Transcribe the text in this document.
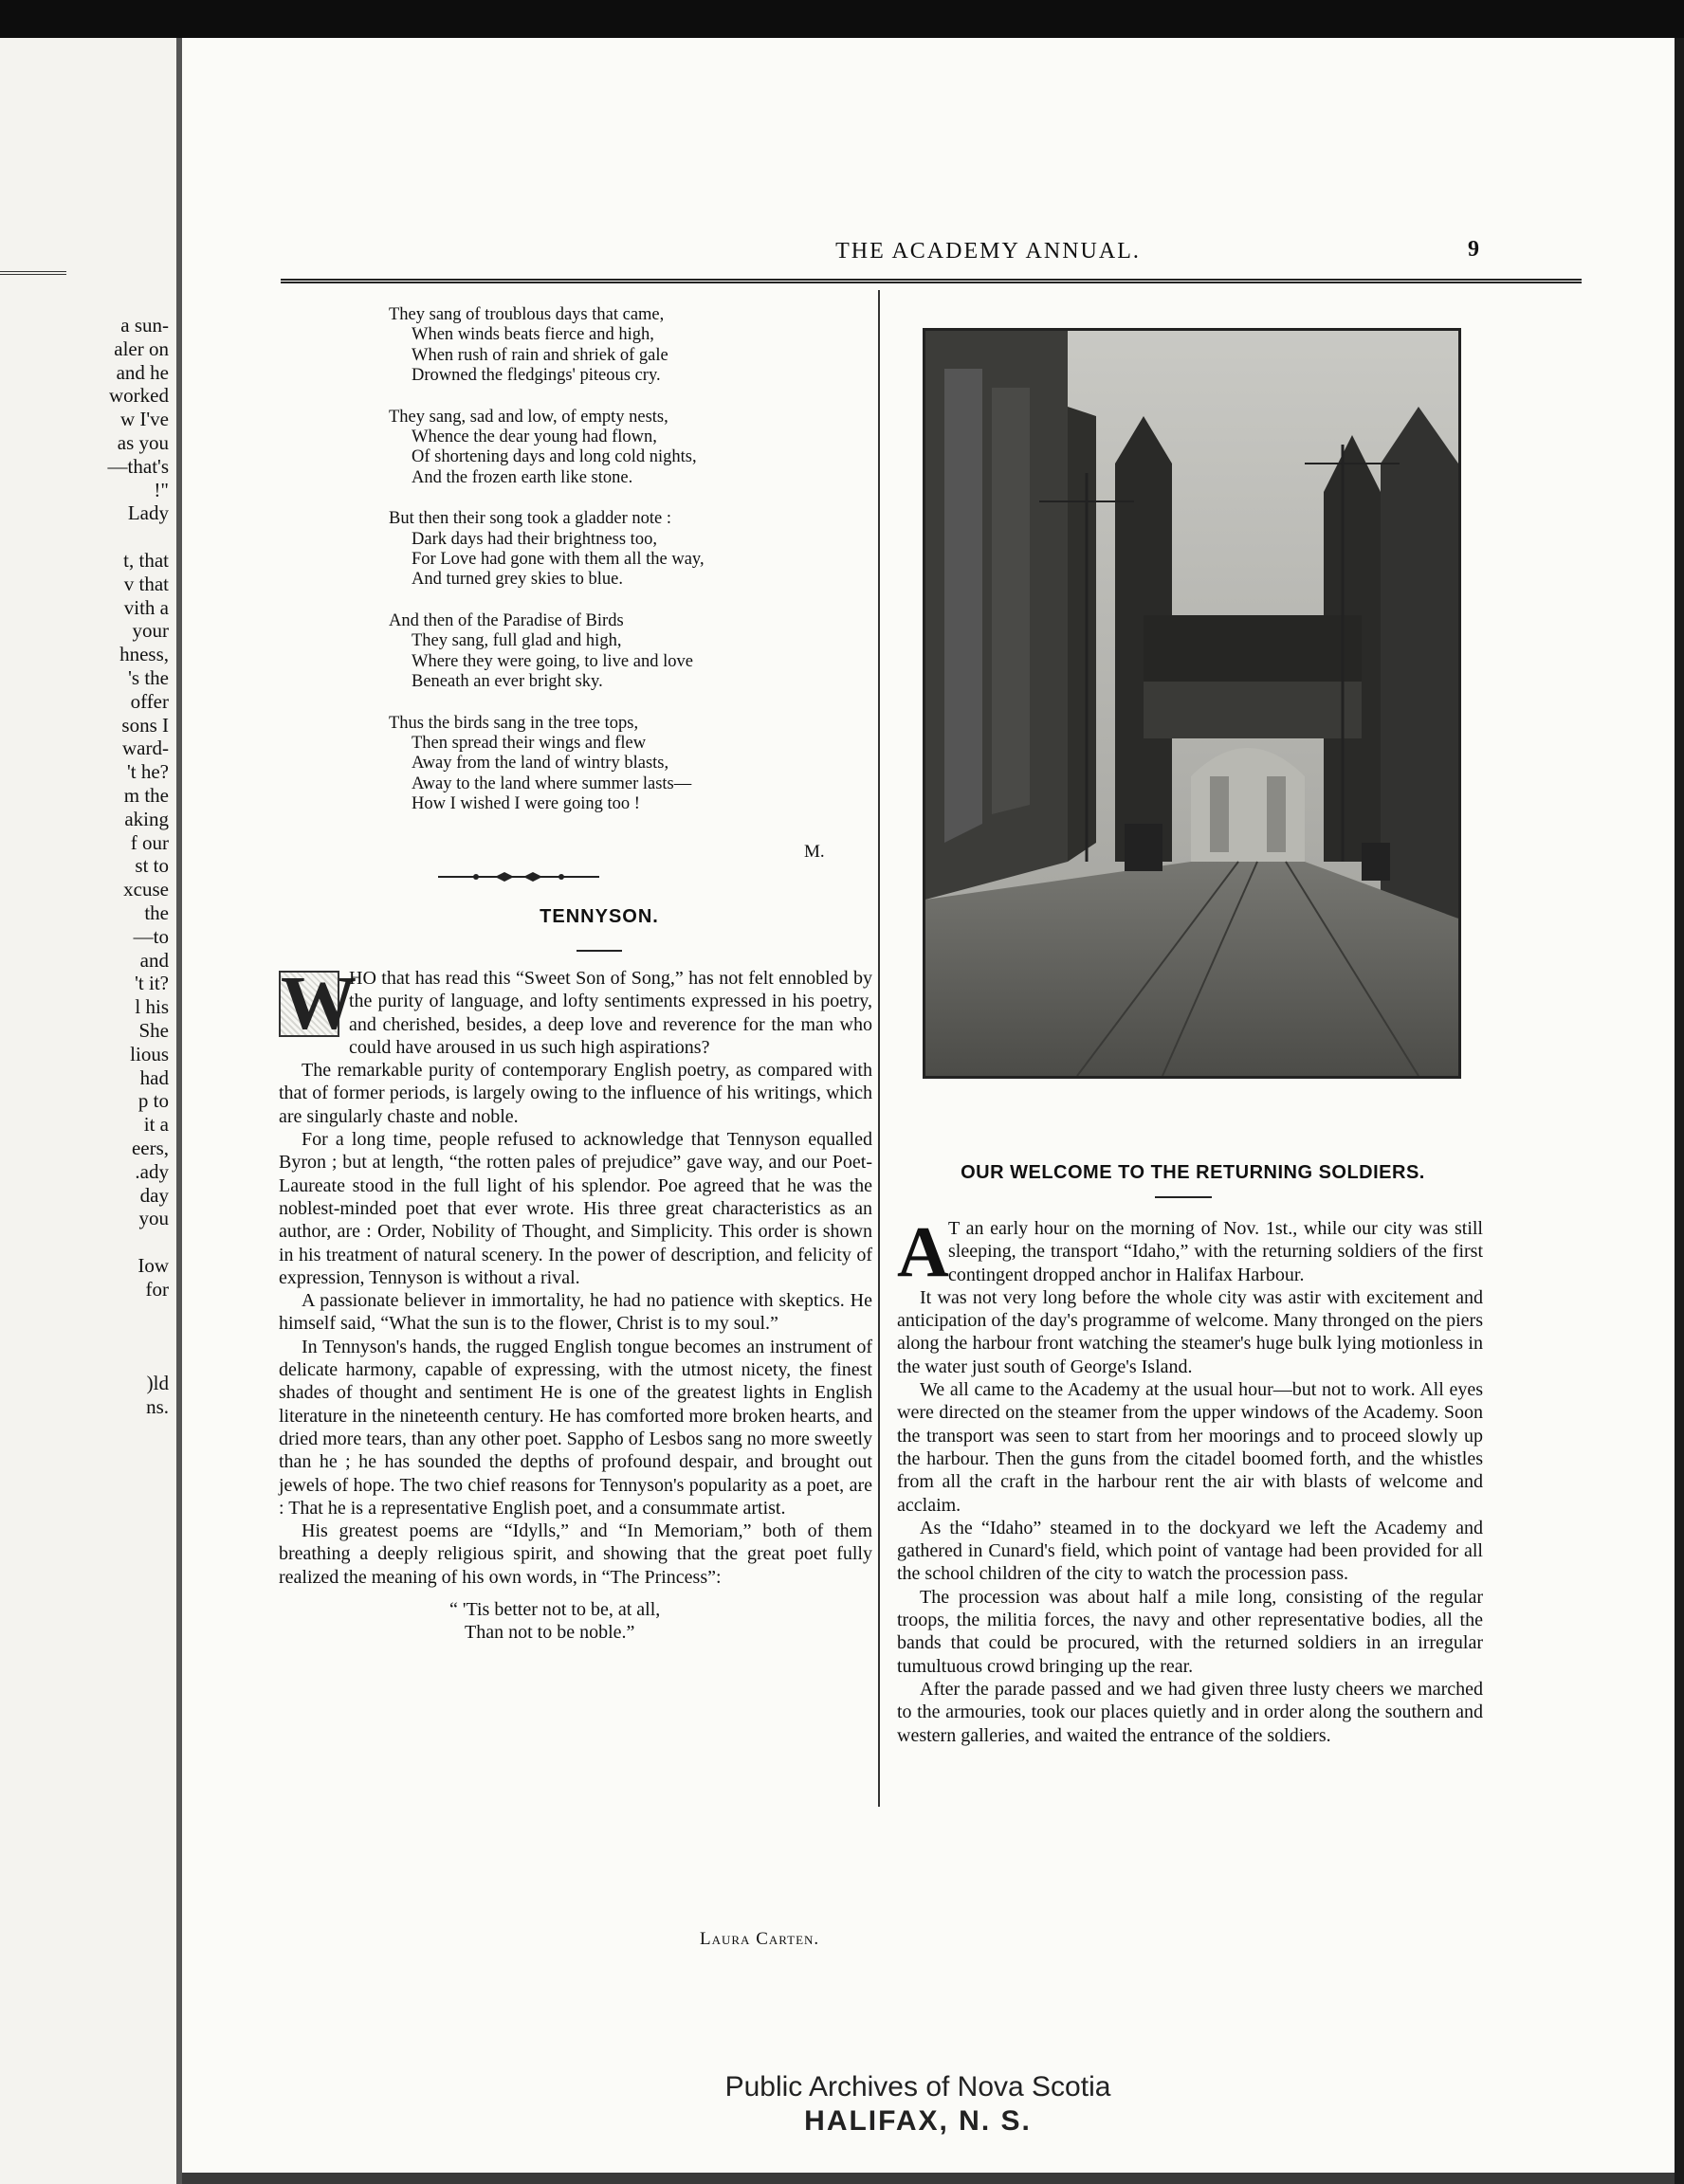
a sun-
aler on
and he
worked
w I've
as you
—that's
!"
Lady
t, that
v that
vith a
your
hness,
's the
offer
sons I
ward-
't he?
m the
aking
f our
st to
xcuse
the
—to
and
't it?
l his
She
lious
had
p to
it a
eers,
.ady
day
you
Iow
for
)ld
ns.
THE ACADEMY ANNUAL.	9
They sang of troublous days that came,
When winds beats fierce and high,
When rush of rain and shriek of gale
Drowned the fledgings' piteous cry.
They sang, sad and low, of empty nests,
Whence the dear young had flown,
Of shortening days and long cold nights,
And the frozen earth like stone.
But then their song took a gladder note :
Dark days had their brightness too,
For Love had gone with them all the way,
And turned grey skies to blue.
And then of the Paradise of Birds
They sang, full glad and high,
Where they were going, to live and love
Beneath an ever bright sky.
Thus the birds sang in the tree tops,
Then spread their wings and flew
Away from the land of wintry blasts,
Away to the land where summer lasts—
How I wished I were going too !
M.
TENNYSON.

W
HO that has read this “Sweet Son of Song,” has not felt ennobled by the purity of language, and lofty sentiments expressed in his poetry, and cherished, besides, a deep love and reverence for the man who could have aroused in us such high aspirations?

The remarkable purity of contemporary English poetry, as compared with that of former periods, is largely owing to the influence of his writings, which are singularly chaste and noble.

For a long time, people refused to acknowledge that Tennyson equalled Byron ; but at length, “the rotten pales of prejudice” gave way, and our Poet-Laureate stood in the full light of his splendor. Poe agreed that he was the noblest-minded poet that ever wrote. His three great characteristics as an author, are : Order, Nobility of Thought, and Simplicity. This order is shown in his treatment of natural scenery. In the power of description, and felicity of expression, Tennyson is without a rival.

A passionate believer in immortality, he had no patience with skeptics. He himself said, “What the sun is to the flower, Christ is to my soul.”

In Tennyson's hands, the rugged English tongue becomes an instrument of delicate harmony, capable of expressing, with the utmost nicety, the finest shades of thought and sentiment He is one of the greatest lights in English literature in the nineteenth century. He has comforted more broken hearts, and dried more tears, than any other poet. Sappho of Lesbos sang no more sweetly than he ; he has sounded the depths of profound despair, and brought out jewels of hope. The two chief reasons for Tennyson's popularity as a poet, are : That he is a representative English poet, and a consummate artist.

His greatest poems are “Idylls,” and “In Memoriam,” both of them breathing a deeply religious spirit, and showing that the great poet fully realized the meaning of his own words, in “The Princess”:

“ 'Tis better not to be, at all,
Than not to be noble.”
Laura Carten.
OUR WELCOME TO THE RETURNING SOLDIERS.

A T an early hour on the morning of Nov. 1st., while our city was still sleeping, the transport “Idaho,” with the returning soldiers of the first contingent dropped anchor in Halifax Harbour.

It was not very long before the whole city was astir with excitement and anticipation of the day's programme of welcome. Many thronged on the piers along the harbour front watching the steamer's huge bulk lying motionless in the water just south of George's Island.

We all came to the Academy at the usual hour—but not to work. All eyes were directed on the steamer from the upper windows of the Academy. Soon the transport was seen to start from her moorings and to proceed slowly up the harbour. Then the guns from the citadel boomed forth, and the whistles from all the craft in the harbour rent the air with blasts of welcome and acclaim.

As the “Idaho” steamed in to the dockyard we left the Academy and gathered in Cunard's field, which point of vantage had been provided for all the school children of the city to watch the procession pass.

The procession was about half a mile long, consisting of the regular troops, the militia forces, the navy and other representative bodies, all the bands that could be procured, with the returned soldiers in an irregular tumultuous crowd bringing up the rear.

After the parade passed and we had given three lusty cheers we marched to the armouries, took our places quietly and in order along the southern and western galleries, and waited the entrance of the soldiers.

Public Archives of Nova Scotia
HALIFAX, N. S.
